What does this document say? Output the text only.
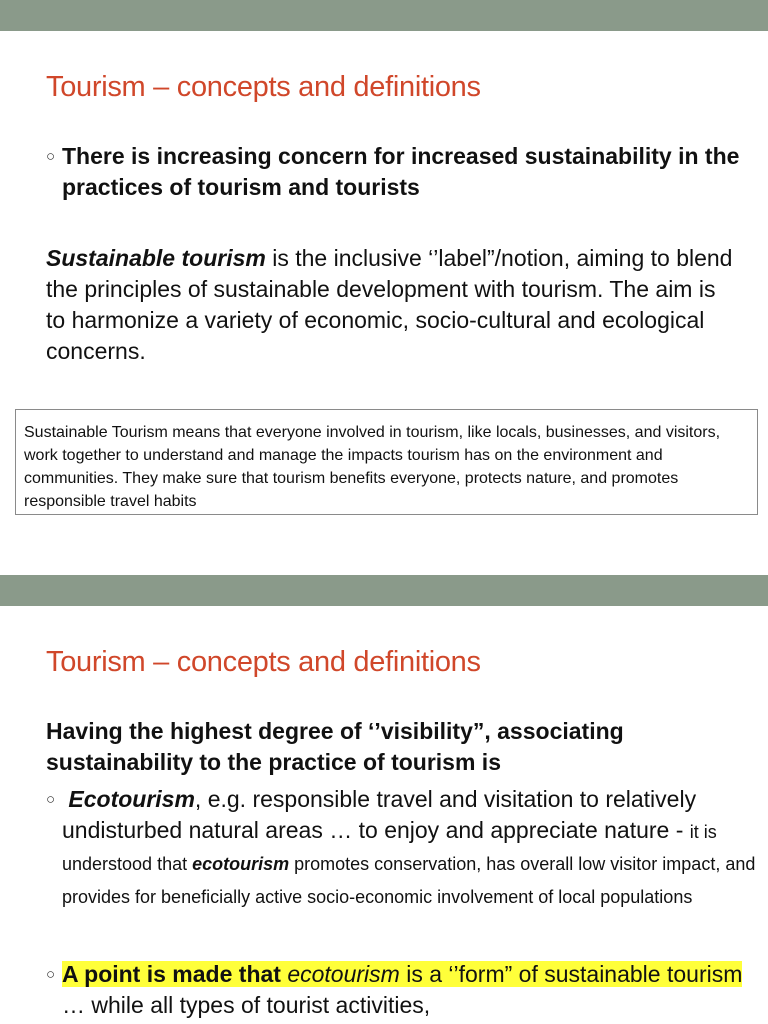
Tourism – concepts and definitions
○ There is increasing concern for increased sustainability in the practices of tourism and tourists
Sustainable tourism is the inclusive ‘’label”/notion, aiming to blend the principles of sustainable development with tourism. The aim is to harmonize a variety of economic, socio-cultural and ecological concerns.
Sustainable Tourism means that everyone involved in tourism, like locals, businesses, and visitors, work together to understand and manage the impacts tourism has on the environment and communities. They make sure that tourism benefits everyone, protects nature, and promotes responsible travel habits
Tourism – concepts and definitions
Having the highest degree of ‘’visibility”, associating sustainability to the practice of tourism is
○ Ecotourism, e.g. responsible travel and visitation to relatively undisturbed natural areas … to enjoy and appreciate nature - it is understood that ecotourism promotes conservation, has overall low visitor impact, and provides for beneficially active socio-economic involvement of local populations
○ A point is made that ecotourism is a ‘’form” of sustainable tourism … while all types of tourist activities,
